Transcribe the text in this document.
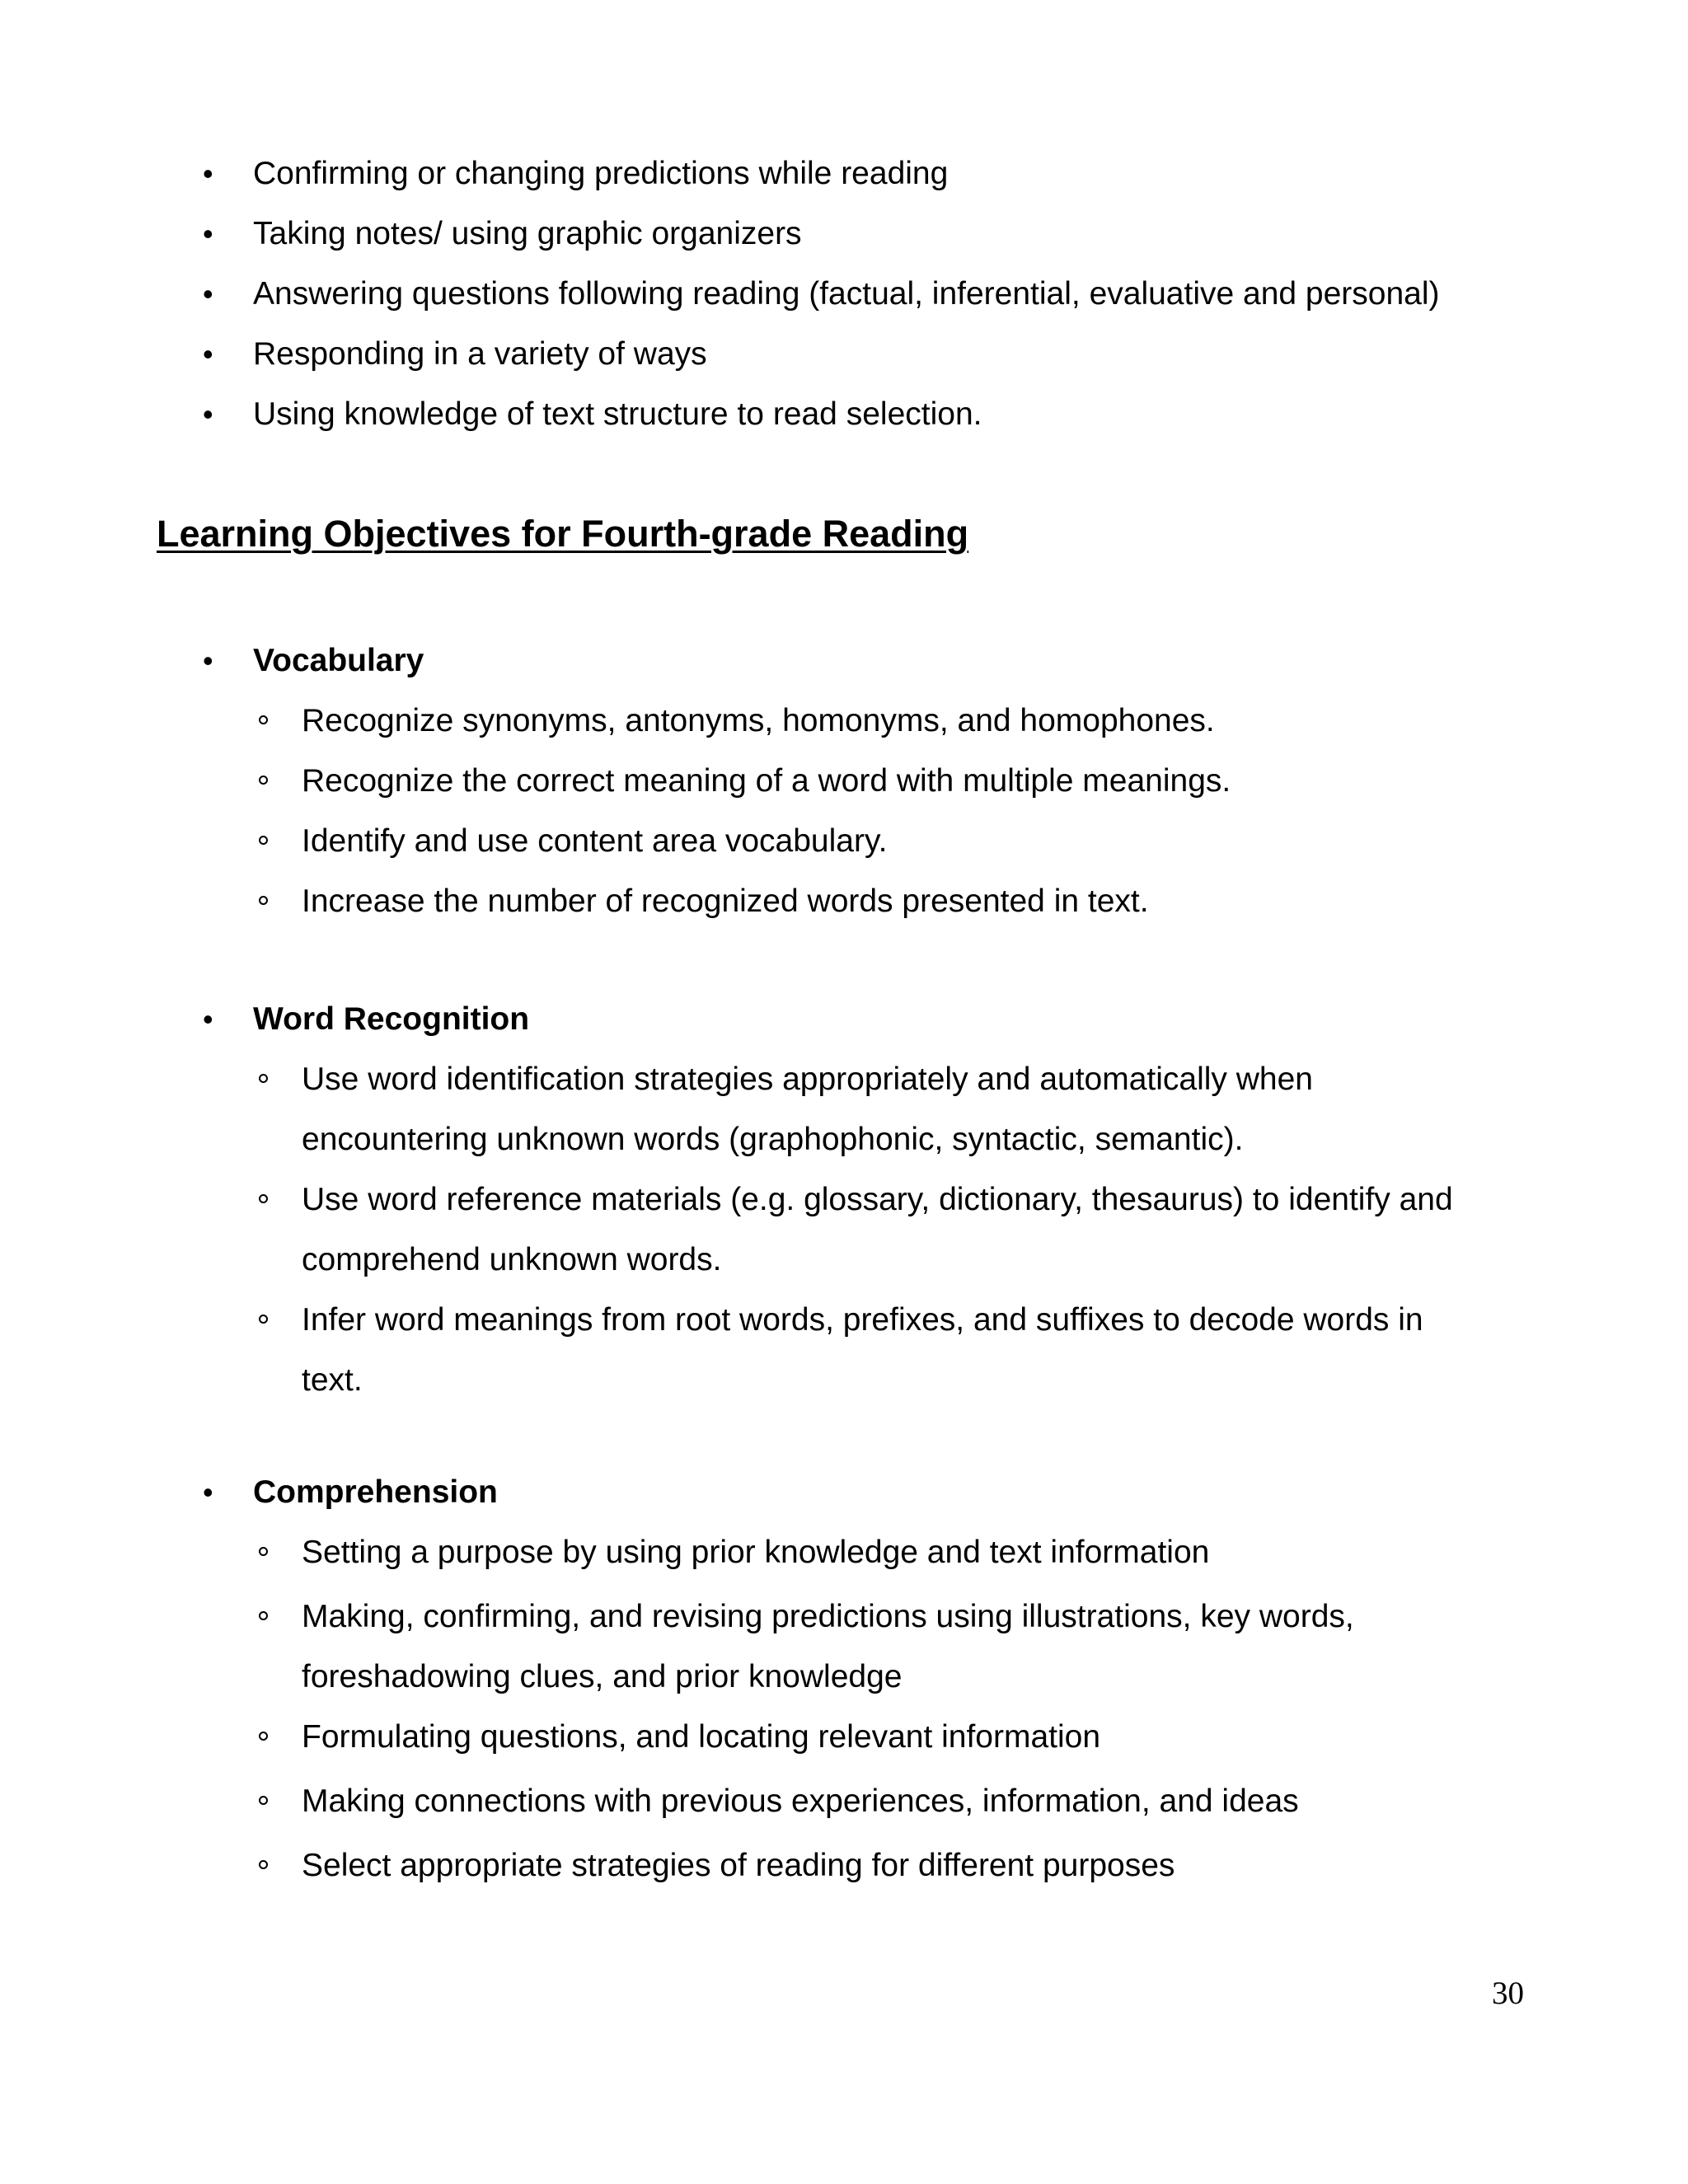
• Confirming or changing predictions while reading
• Taking notes/ using graphic organizers
• Answering questions following reading (factual, inferential, evaluative and personal)
• Responding in a variety of ways
• Using knowledge of text structure to read selection.
Learning Objectives for Fourth-grade Reading
• Vocabulary
Recognize synonyms, antonyms, homonyms, and homophones.
Recognize the correct meaning of a word with multiple meanings.
Identify and use content area vocabulary.
Increase the number of recognized words presented in text.
• Word Recognition
Use word identification strategies appropriately and automatically when
encountering unknown words (graphophonic, syntactic, semantic).
Use word reference materials (e.g. glossary, dictionary, thesaurus) to identify and
comprehend unknown words.
Infer word meanings from root words, prefixes, and suffixes to decode words in
text.
• Comprehension
Setting a purpose by using prior knowledge and text information
Making, confirming, and revising predictions using illustrations, key words,
foreshadowing clues, and prior knowledge
Formulating questions, and locating relevant information
Making connections with previous experiences, information, and ideas
Select appropriate strategies of reading for different purposes
30
